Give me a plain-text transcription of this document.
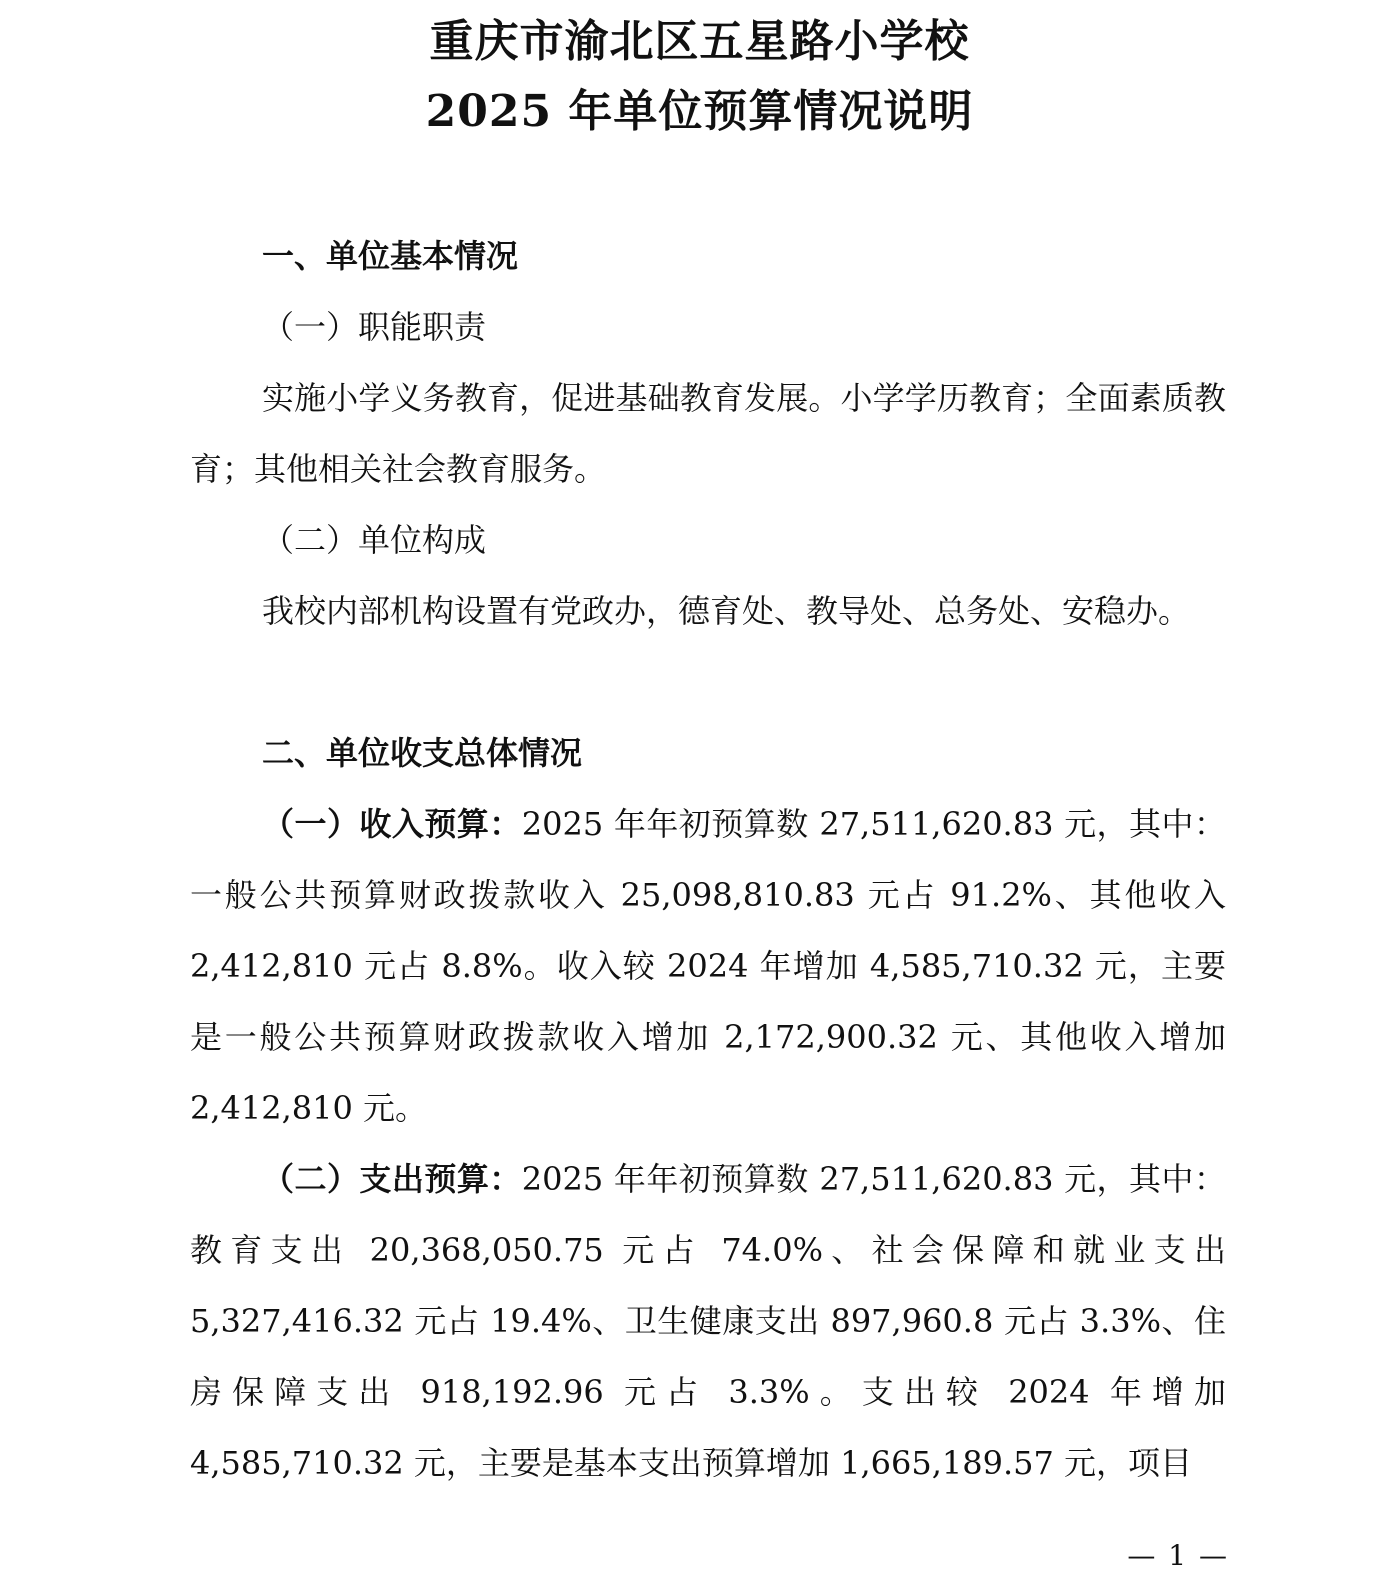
重庆市渝北区五星路小学校
2025 年单位预算情况说明
一、单位基本情况
（一）职能职责

实施小学义务教育，促进基础教育发展。小学学历教育；全面素质教育；其他相关社会教育服务。

（二）单位构成

我校内部机构设置有党政办，德育处、教导处、总务处、安稳办。

二、单位收支总体情况

（一）收入预算：2025 年年初预算数 27,511,620.83 元，其中：一般公共预算财政拨款收入 25,098,810.83 元占 91.2%、其他收入 2,412,810 元占 8.8%。收入较 2024 年增加 4,585,710.32 元，主要是一般公共预算财政拨款收入增加 2,172,900.32 元、其他收入增加 2,412,810 元。

（二）支出预算：2025 年年初预算数 27,511,620.83 元，其中：教育支出 20,368,050.75 元占 74.0%、社会保障和就业支出 5,327,416.32 元占 19.4%、卫生健康支出 897,960.8 元占 3.3%、住房保障支出 918,192.96 元占 3.3%。支出较 2024 年增加 4,585,710.32 元，主要是基本支出预算增加 1,665,189.57 元，项目

— 1 —
